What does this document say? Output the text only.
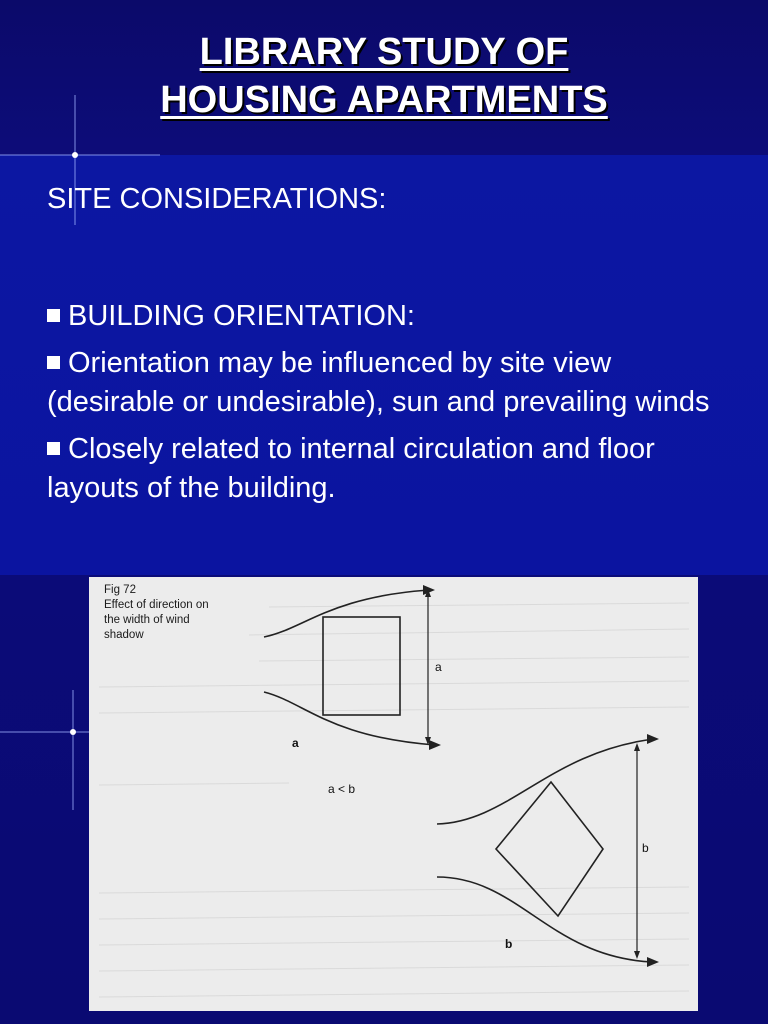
LIBRARY STUDY OF
HOUSING APARTMENTS

SITE CONSIDERATIONS:

BUILDING ORIENTATION:

Orientation may be influenced by site view (desirable or undesirable), sun and prevailing winds

Closely related to internal circulation and floor layouts of the building.

a
a
a < b
b
b
Fig 72
Effect of direction on
the width of wind
shadow
